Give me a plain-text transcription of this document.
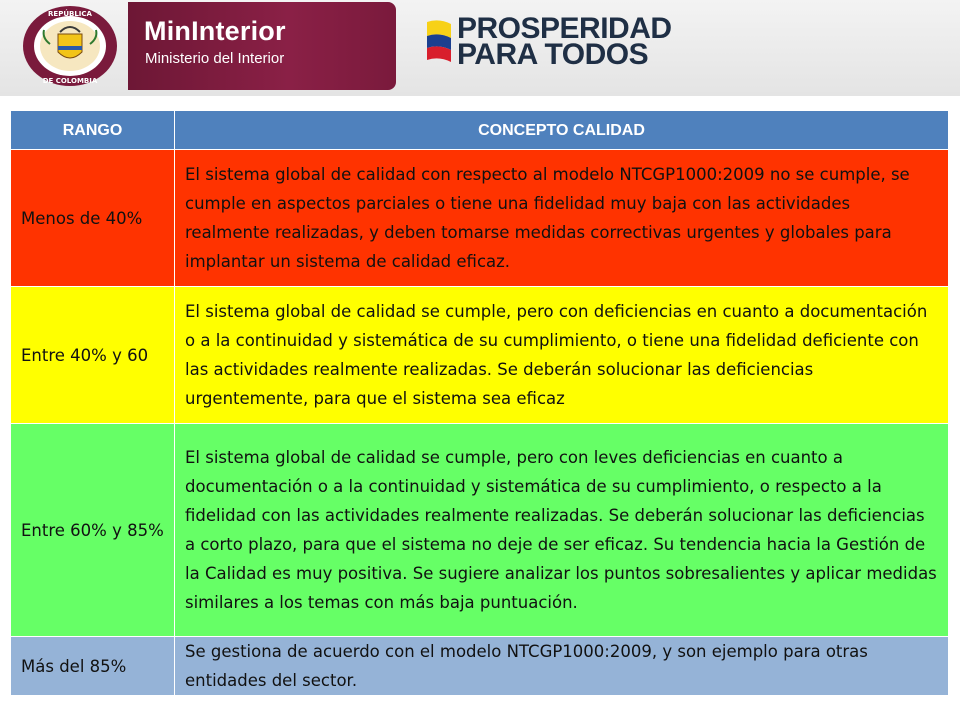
REPÚBLICA
DE COLOMBIA
MinInterior
Ministerio del Interior
PROSPERIDAD
PARA TODOS
RANGO	CONCEPTO CALIDAD
Menos de 40%	El sistema global de calidad con respecto al modelo NTCGP1000:2009 no se cumple, se cumple en aspectos parciales o tiene una fidelidad muy baja con las actividades realmente realizadas, y deben tomarse medidas correctivas urgentes y globales para implantar un sistema de calidad eficaz.
Entre 40% y 60	El sistema global de calidad se cumple, pero con deficiencias en cuanto a documentación o a la continuidad y sistemática de su cumplimiento, o tiene una fidelidad deficiente con las actividades realmente realizadas. Se deberán solucionar las deficiencias urgentemente, para que el sistema sea eficaz
Entre 60% y 85%	El sistema global de calidad se cumple, pero con leves deficiencias en cuanto a documentación o a la continuidad y sistemática de su cumplimiento, o respecto a la fidelidad con las actividades realmente realizadas. Se deberán solucionar las deficiencias a corto plazo, para que el sistema no deje de ser eficaz. Su tendencia hacia la Gestión de la Calidad es muy positiva. Se sugiere analizar los puntos sobresalientes y aplicar medidas similares a los temas con más baja puntuación.
Más del 85%	Se gestiona de acuerdo con el modelo NTCGP1000:2009, y son ejemplo para otras entidades del sector.
